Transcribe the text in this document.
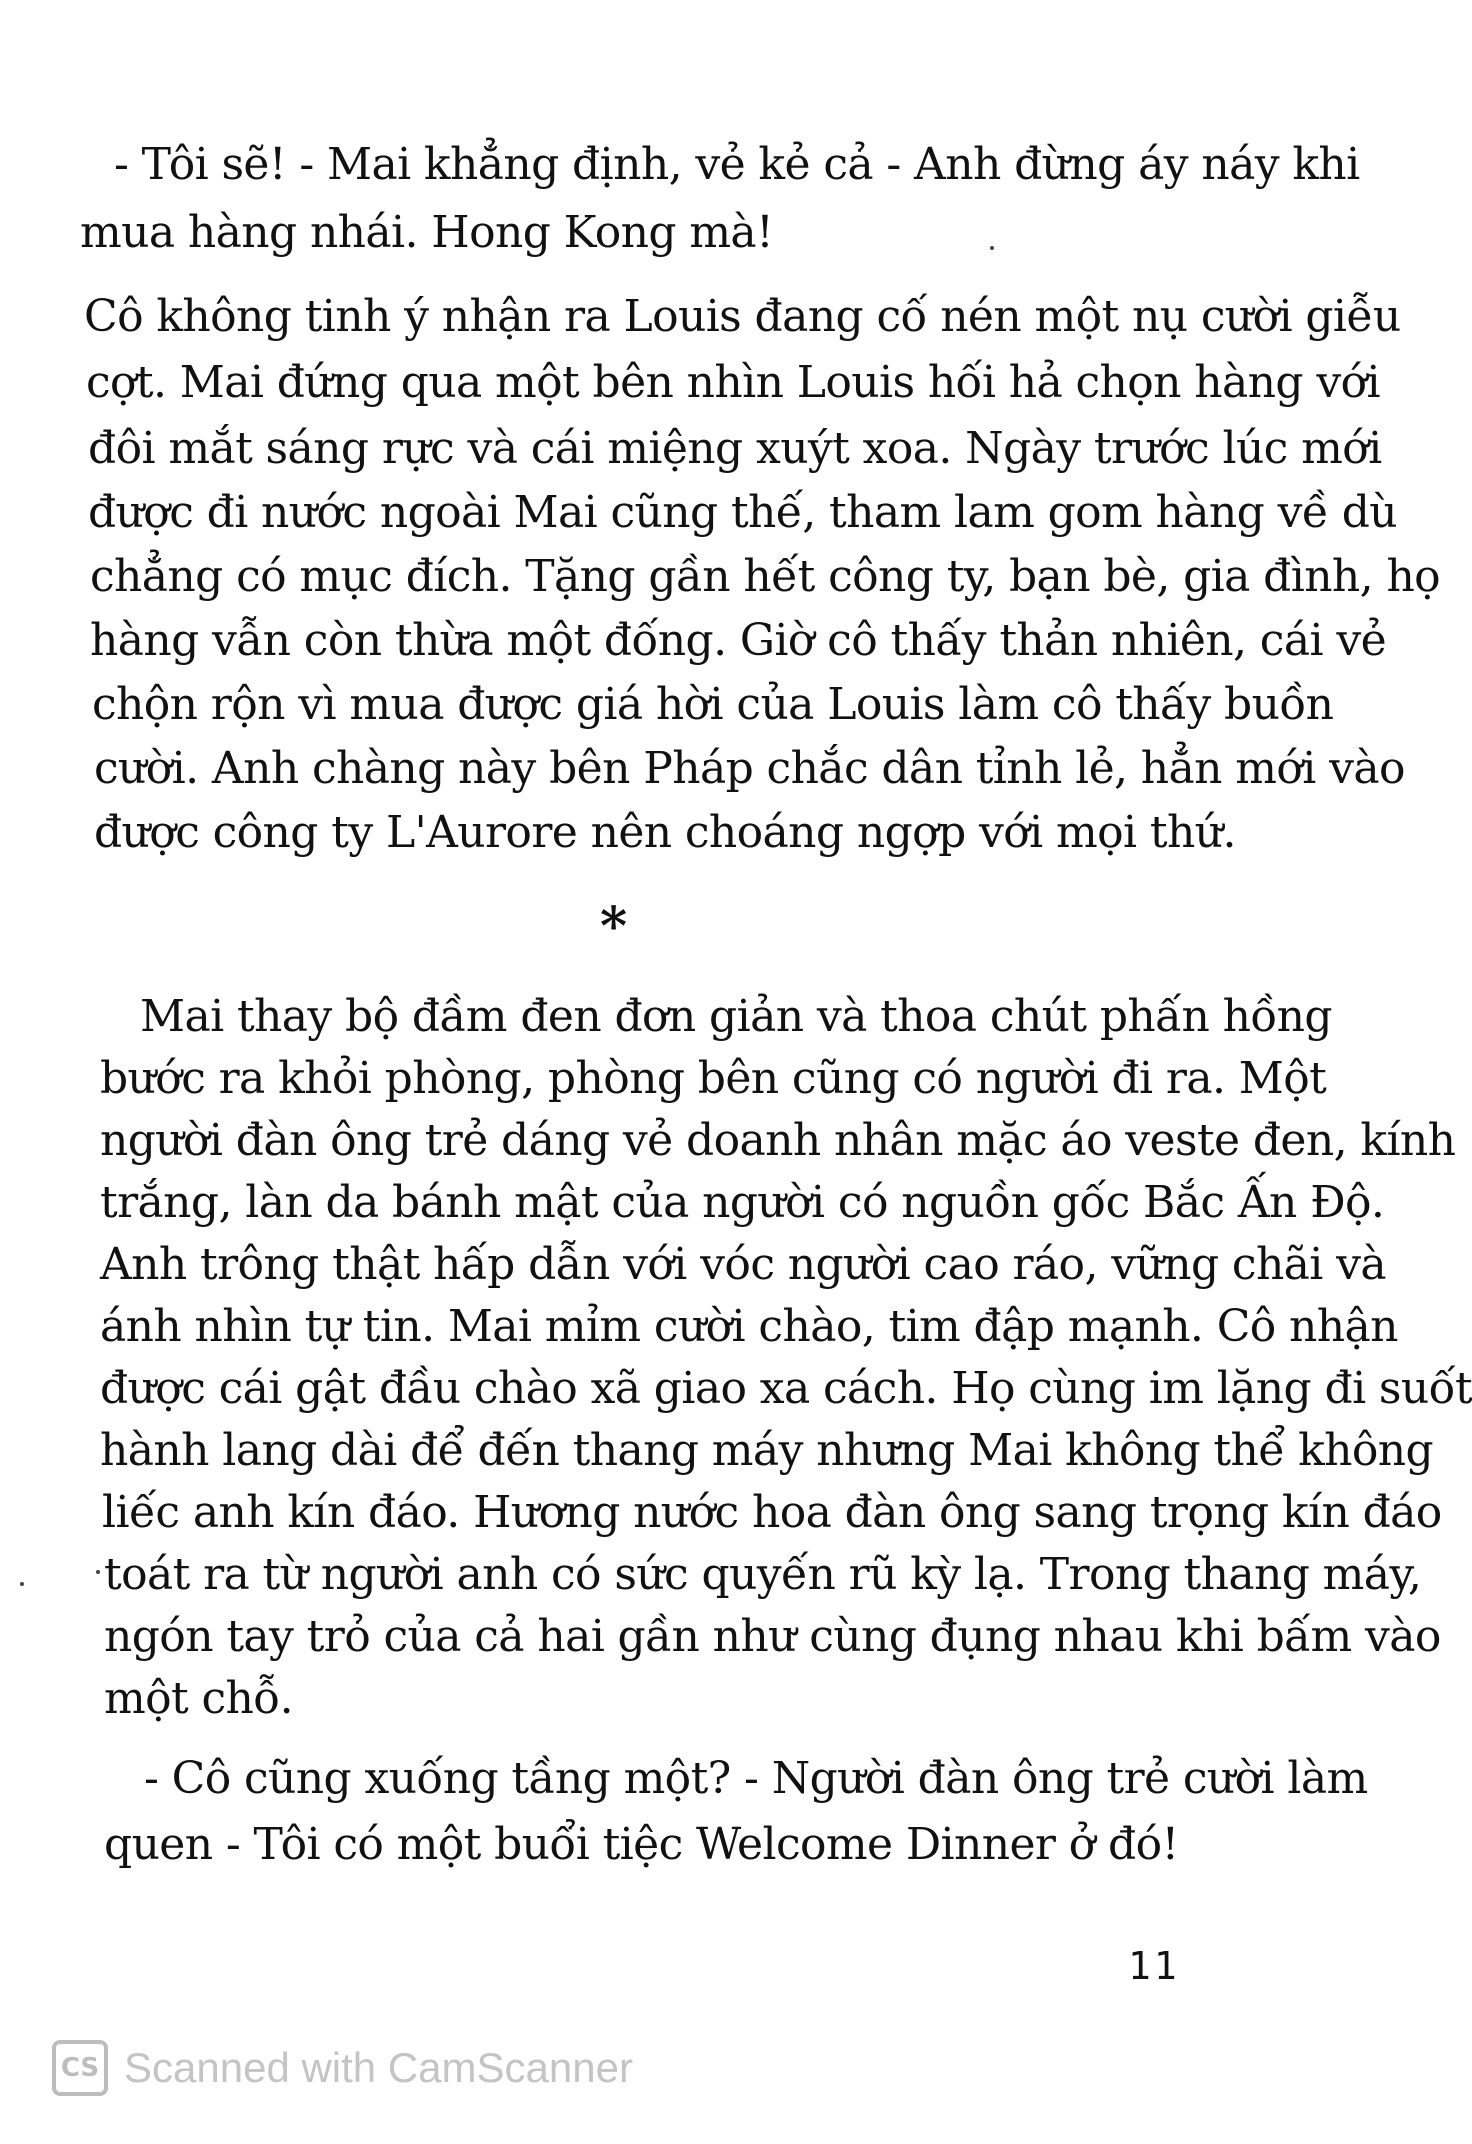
- Tôi sẽ! - Mai khẳng định, vẻ kẻ cả - Anh đừng áy náy khi
mua hàng nhái. Hong Kong mà!
Cô không tinh ý nhận ra Louis đang cố nén một nụ cười giễu
cợt. Mai đứng qua một bên nhìn Louis hối hả chọn hàng với
đôi mắt sáng rực và cái miệng xuýt xoa. Ngày trước lúc mới
được đi nước ngoài Mai cũng thế, tham lam gom hàng về dù
chẳng có mục đích. Tặng gần hết công ty, bạn bè, gia đình, họ
hàng vẫn còn thừa một đống. Giờ cô thấy thản nhiên, cái vẻ
chộn rộn vì mua được giá hời của Louis làm cô thấy buồn
cười. Anh chàng này bên Pháp chắc dân tỉnh lẻ, hẳn mới vào
được công ty L'Aurore nên choáng ngợp với mọi thứ.
*
Mai thay bộ đầm đen đơn giản và thoa chút phấn hồng
bước ra khỏi phòng, phòng bên cũng có người đi ra. Một
người đàn ông trẻ dáng vẻ doanh nhân mặc áo veste đen, kính
trắng, làn da bánh mật của người có nguồn gốc Bắc Ấn Độ.
Anh trông thật hấp dẫn với vóc người cao ráo, vững chãi và
ánh nhìn tự tin. Mai mỉm cười chào, tim đập mạnh. Cô nhận
được cái gật đầu chào xã giao xa cách. Họ cùng im lặng đi suốt
hành lang dài để đến thang máy nhưng Mai không thể không
liếc anh kín đáo. Hương nước hoa đàn ông sang trọng kín đáo
toát ra từ người anh có sức quyến rũ kỳ lạ. Trong thang máy,
ngón tay trỏ của cả hai gần như cùng đụng nhau khi bấm vào
một chỗ.
- Cô cũng xuống tầng một? - Người đàn ông trẻ cười làm
quen - Tôi có một buổi tiệc Welcome Dinner ở đó!
11
CS Scanned with CamScanner
